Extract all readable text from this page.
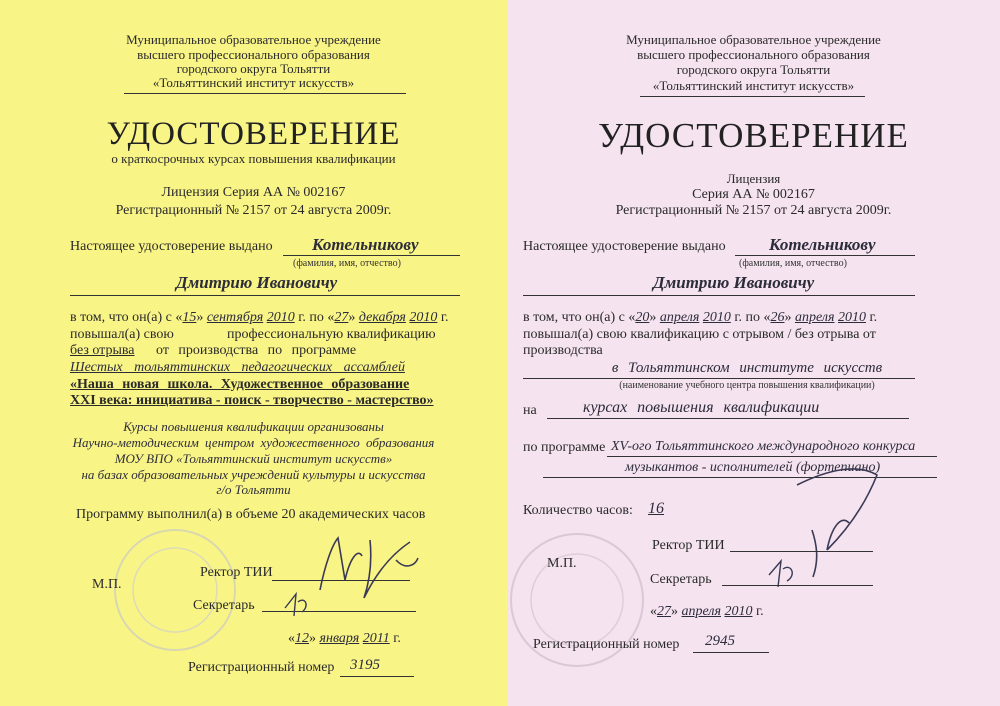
Муниципальное образовательное учреждение
высшего профессионального образования
городского округа Тольятти
«Тольяттинский институт искусств»
УДОСТОВЕРЕНИЕ
о краткосрочных курсах повышения квалификации
Лицензия Серия АА № 002167
Регистрационный № 2157 от 24 августа 2009г.
Настоящее удостоверение выдано Котельникову
(фамилия, имя, отчество)
Дмитрию Ивановичу
в том, что он(а) с «15» сентября 2010 г. по «27» декабря 2010 г.
повышал(а) свою	профессиональную квалификацию
без отрыва от производства по программе
Шестых тольяттинских педагогических ассамблей
«Наша новая школа. Художественное образование
XXI века: инициатива - поиск - творчество - мастерство»
Курсы повышения квалификации организованы
Научно-методическим центром художественного образования
МОУ ВПО «Тольяттинский институт искусств»
на базах образовательных учреждений культуры и искусства
г/о Тольятти
Программу выполнил(а) в объеме 20 академических часов
М.П.
Ректор ТИИ
Секретарь
«12» января 2011 г.
Регистрационный номер 3195
Муниципальное образовательное учреждение
высшего профессионального образования
городского округа Тольятти
«Тольяттинский институт искусств»
УДОСТОВЕРЕНИЕ
Лицензия
Серия АА № 002167
Регистрационный № 2157 от 24 августа 2009г.
Настоящее удостоверение выдано	Котельникову
(фамилия, имя, отчество)
Дмитрию Ивановичу
в том, что он(а) с «20» апреля 2010 г. по «26» апреля 2010 г.
повышал(а) свою квалификацию с отрывом / без отрыва от
производства
в Тольяттинском институте искусств
(наименование учебного центра повышения квалификации)
на	курсах повышения квалификации
по программе XV-ого Тольяттинского международного конкурса
музыкантов - исполнителей (фортепиано)
Количество часов: 16
М.П.
Ректор ТИИ
Секретарь
«27» апреля 2010 г.
Регистрационный номер 2945
